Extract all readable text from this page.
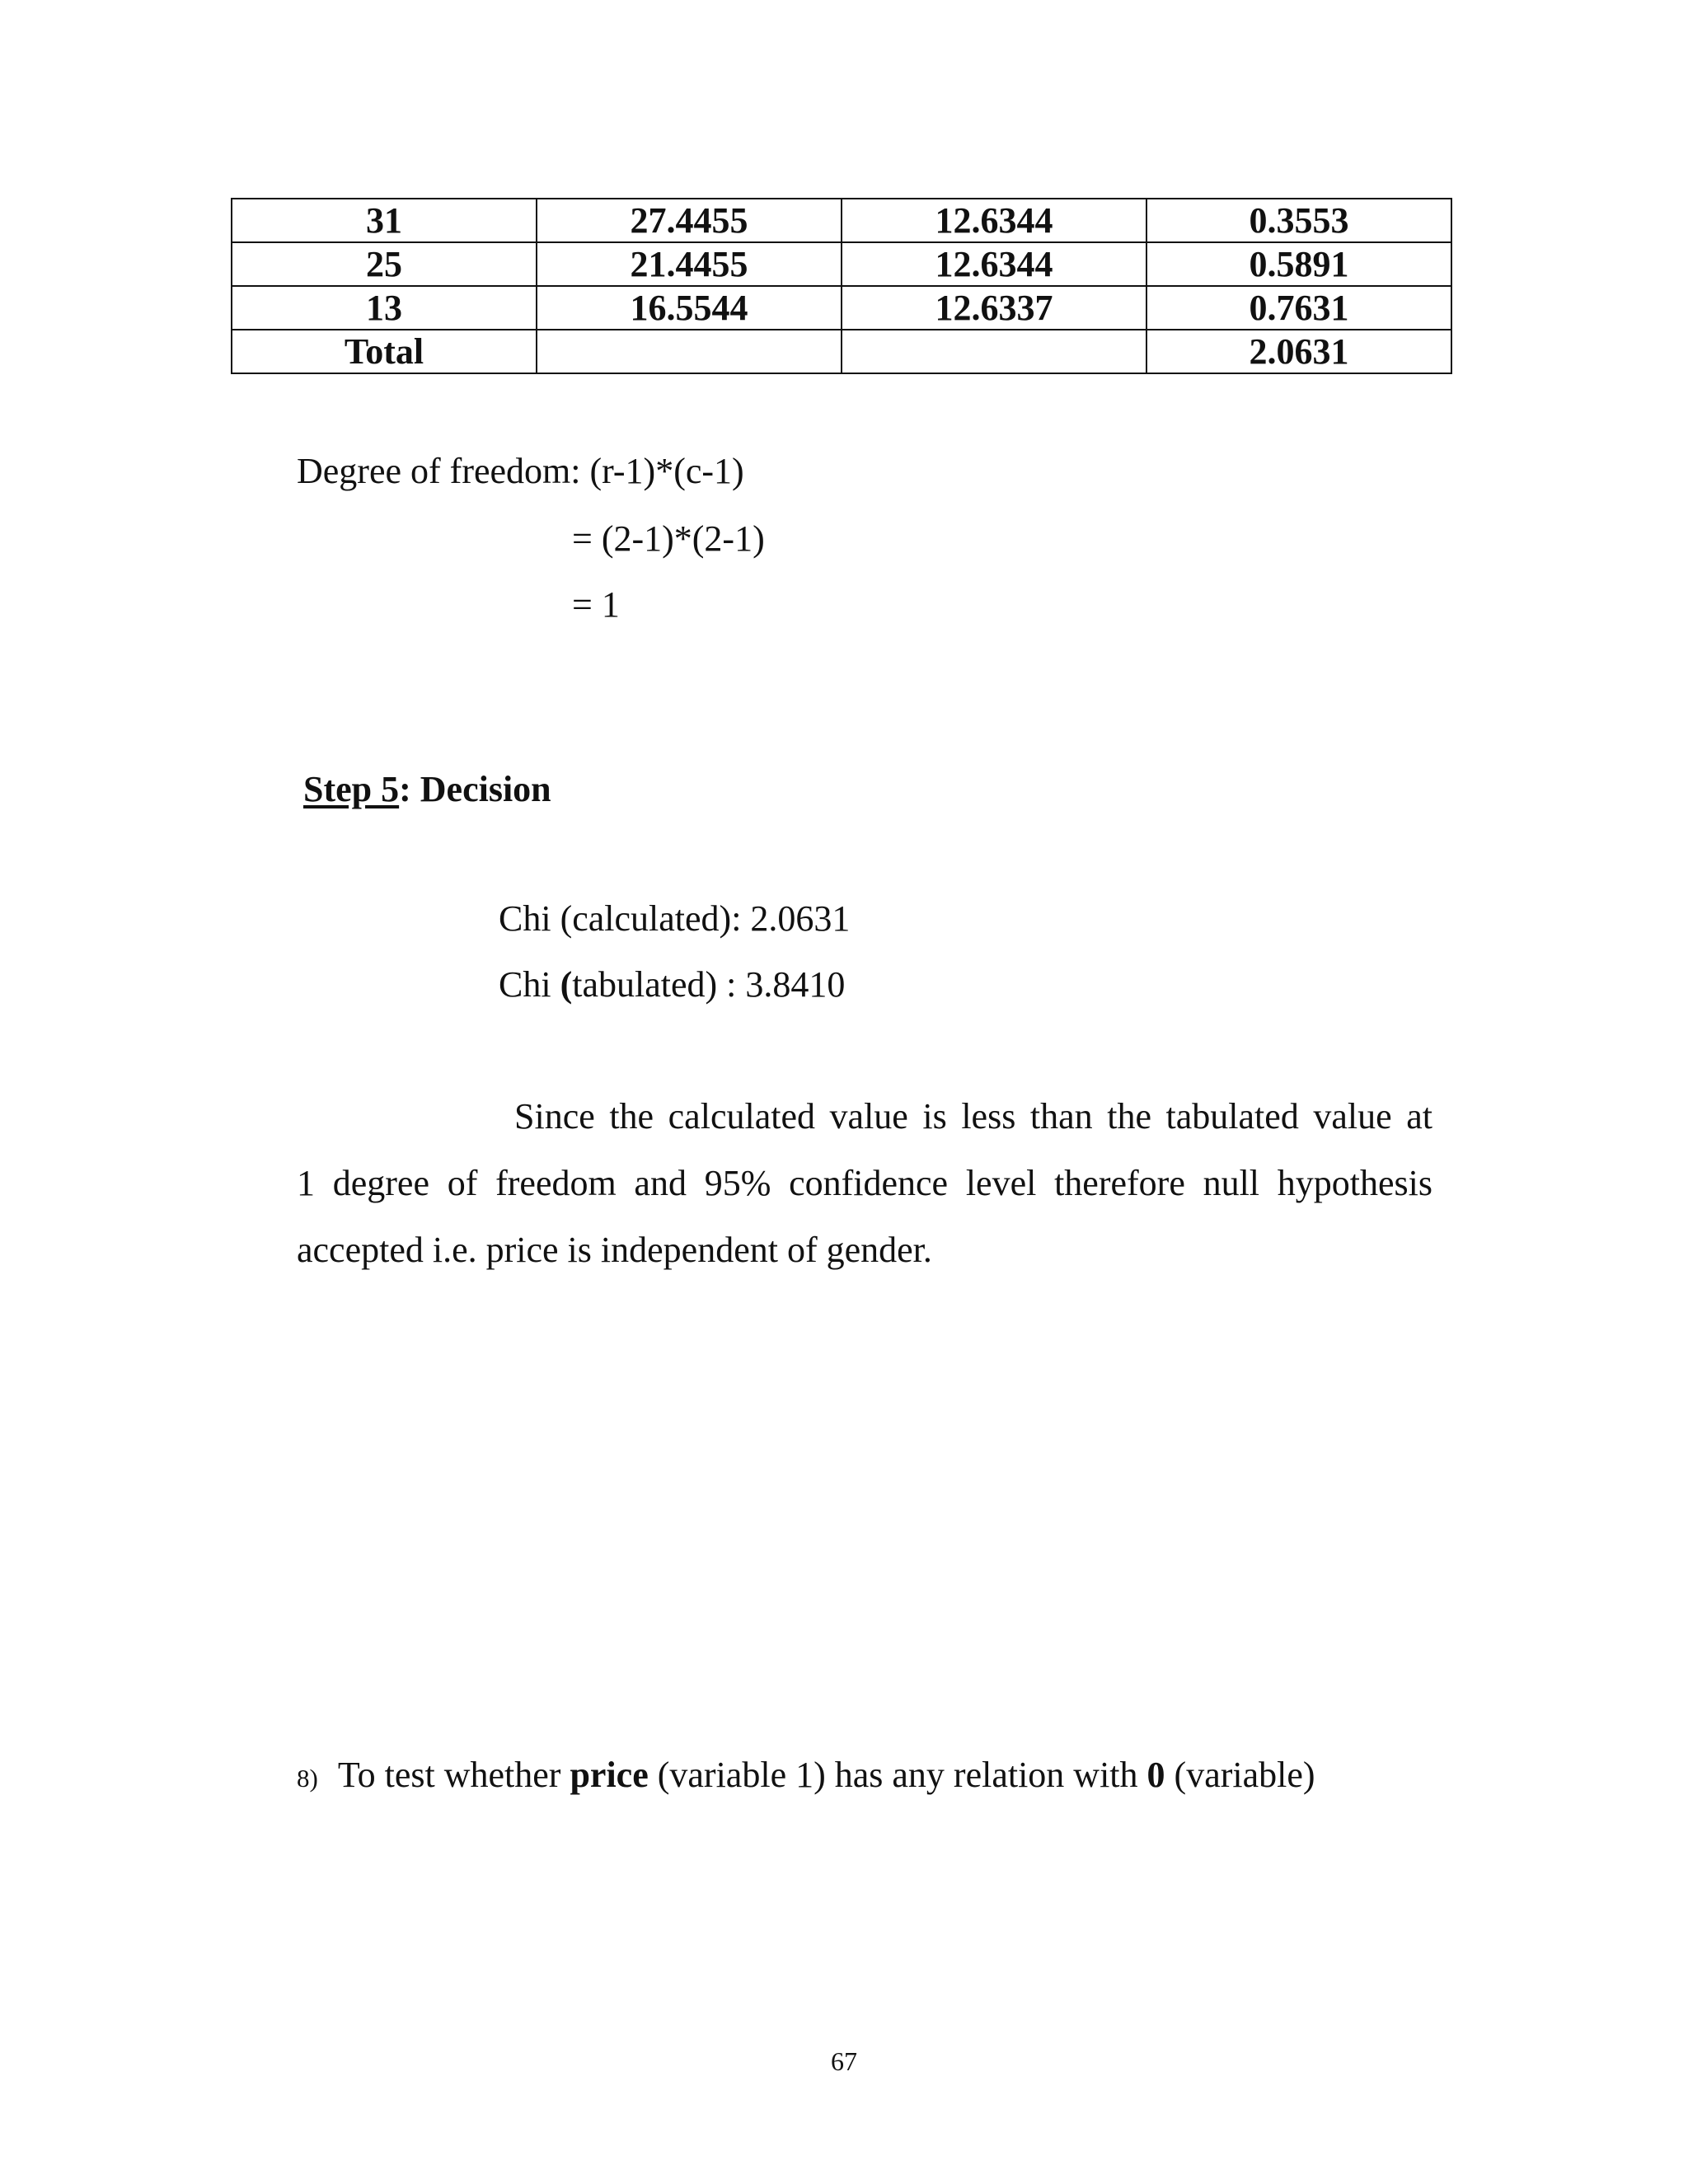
31	27.4455	12.6344	0.3553
25	21.4455	12.6344	0.5891
13	16.5544	12.6337	0.7631
Total			2.0631
Degree of freedom: (r-1)*(c-1)
= (2-1)*(2-1)
= 1
Step 5: Decision
Chi (calculated): 2.0631
Chi (tabulated) : 3.8410
Since the calculated value is less than the tabulated value at
1 degree of freedom and 95% confidence level therefore null hypothesis
accepted i.e. price is independent of gender.
8) To test whether price (variable 1) has any relation with 0 (variable)
67
